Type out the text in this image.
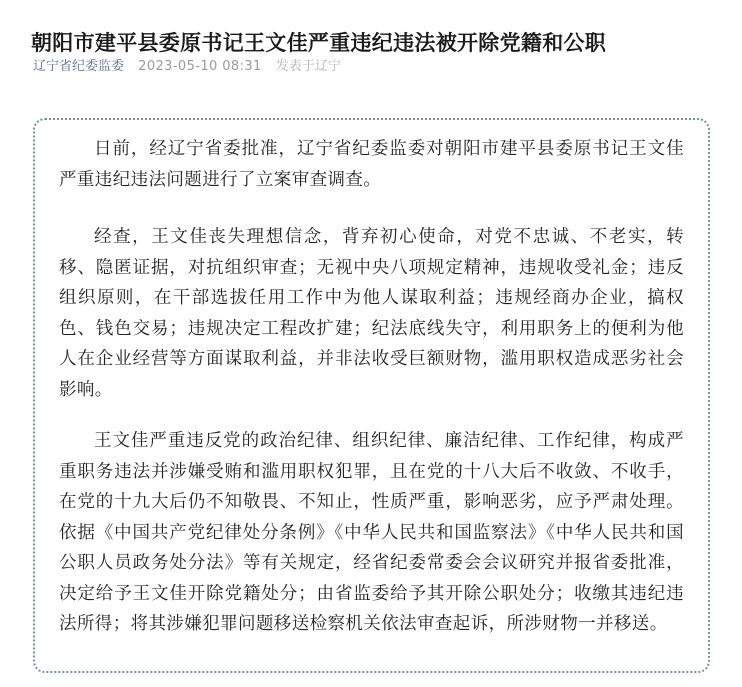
朝阳市建平县委原书记王文佳严重违纪违法被开除党籍和公职
辽宁省纪委监委 2023-05-10 08:31 发表于辽宁

日前，经辽宁省委批准，辽宁省纪委监委对朝阳市建平县委原书记王文佳严重违纪违法问题进行了立案审查调查。

经查，王文佳丧失理想信念，背弃初心使命，对党不忠诚、不老实，转移、隐匿证据，对抗组织审查；无视中央八项规定精神，违规收受礼金；违反组织原则，在干部选拔任用工作中为他人谋取利益；违规经商办企业，搞权色、钱色交易；违规决定工程改扩建；纪法底线失守，利用职务上的便利为他人在企业经营等方面谋取利益，并非法收受巨额财物，滥用职权造成恶劣社会影响。

王文佳严重违反党的政治纪律、组织纪律、廉洁纪律、工作纪律，构成严重职务违法并涉嫌受贿和滥用职权犯罪，且在党的十八大后不收敛、不收手，在党的十九大后仍不知敬畏、不知止，性质严重，影响恶劣，应予严肃处理。依据《中国共产党纪律处分条例》《中华人民共和国监察法》《中华人民共和国公职人员政务处分法》等有关规定，经省纪委常委会会议研究并报省委批准，决定给予王文佳开除党籍处分；由省监委给予其开除公职处分；收缴其违纪违法所得；将其涉嫌犯罪问题移送检察机关依法审查起诉，所涉财物一并移送。
